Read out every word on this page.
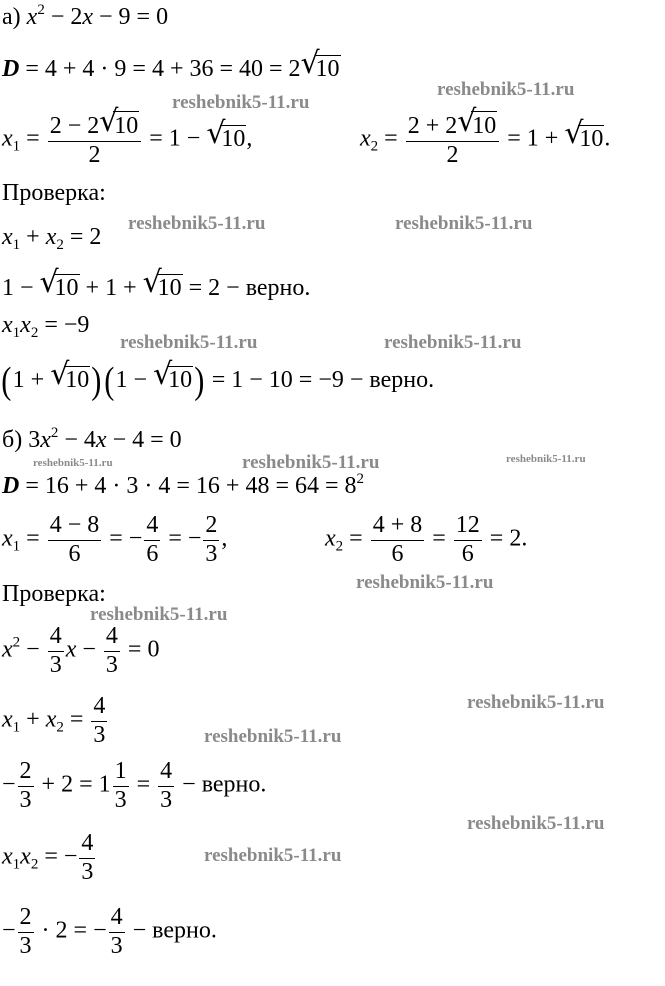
а) $x^2 - 2x - 9 = 0$
D = 4 + 4 · 9 = 4 + 36 = 40 = 2 √ 10
$x_1 = \frac{2 - 2 √ 10}{2} = 1$ − √ 10,	$x_2 = \frac{2 + 2 √ 10}{2} = 1$ + √ 10.
Проверка:
$x_1 + x_2 = 2$
1 − √ 10 + 1 + √ 10 = 2 − верно.
$x_1x_2 = -9$
(1 + √ 10)(1 − √ 10) = 1 − 10 = −9 − верно.
б) $3x^2 - 4x - 4 = 0$
$D = 16 + 4 \cdot 3 \cdot 4 = 16 + 48 = 64 = 8^2$
$x_1 = \frac{4 - 8}{6}$ = − $\frac{4}{6}$ = − $\frac{2}{3}$ ,	$x_2 = \frac{4 + 8}{6} = \frac{12}{6} = 2$.
Проверка:
$x^2 - \frac{4}{3}$ $x - \frac{4}{3} = 0$
$x_1 + x_2 = \frac{4}{3}$
− $\frac{2}{3} + 2 = 1 \frac{1}{3} = \frac{4}{3}$ − верно.
$x_1x_2$ = − $\frac{4}{3}$
− $\frac{2}{3} \cdot 2$ = − $\frac{4}{3}$ − верно.
reshebnik5-11.ru
reshebnik5-11.ru
reshebnik5-11.ru	reshebnik5-11.ru
reshebnik5-11.ru	reshebnik5-11.ru
reshebnik5-11.ru	reshebnik5-11.ru	reshebnik5-11.ru
reshebnik5-11.ru
reshebnik5-11.ru
reshebnik5-11.ru
reshebnik5-11.ru
reshebnik5-11.ru
reshebnik5-11.ru
